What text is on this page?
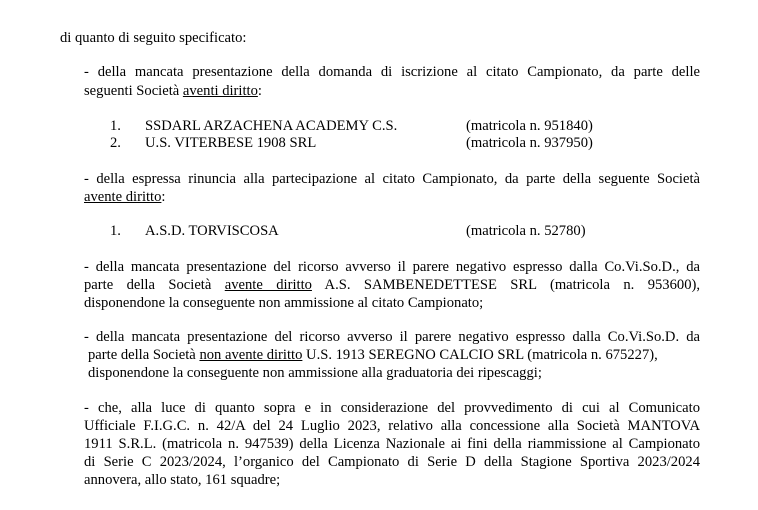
di quanto di seguito specificato:
- della mancata presentazione della domanda di iscrizione al citato Campionato, da parte delle
seguenti Società aventi diritto:
1. SSDARL ARZACHENA ACADEMY C.S.	(matricola n. 951840)
2. U.S. VITERBESE 1908 SRL	(matricola n. 937950)
- della espressa rinuncia alla partecipazione al citato Campionato, da parte della seguente Società
avente diritto:
1. A.S.D. TORVISCOSA	(matricola n. 52780)
- della mancata presentazione del ricorso avverso il parere negativo espresso dalla Co.Vi.So.D., da
parte della Società avente diritto A.S. SAMBENEDETTESE SRL (matricola n. 953600),
disponendone la conseguente non ammissione al citato Campionato;
- della mancata presentazione del ricorso avverso il parere negativo espresso dalla Co.Vi.So.D. da
parte della Società non avente diritto U.S. 1913 SEREGNO CALCIO SRL (matricola n. 675227),
disponendone la conseguente non ammissione alla graduatoria dei ripescaggi;
- che, alla luce di quanto sopra e in considerazione del provvedimento di cui al Comunicato
Ufficiale F.I.G.C. n. 42/A del 24 Luglio 2023, relativo alla concessione alla Società MANTOVA
1911 S.R.L. (matricola n. 947539) della Licenza Nazionale ai fini della riammissione al Campionato
di Serie C 2023/2024, l’organico del Campionato di Serie D della Stagione Sportiva 2023/2024
annovera, allo stato, 161 squadre;
